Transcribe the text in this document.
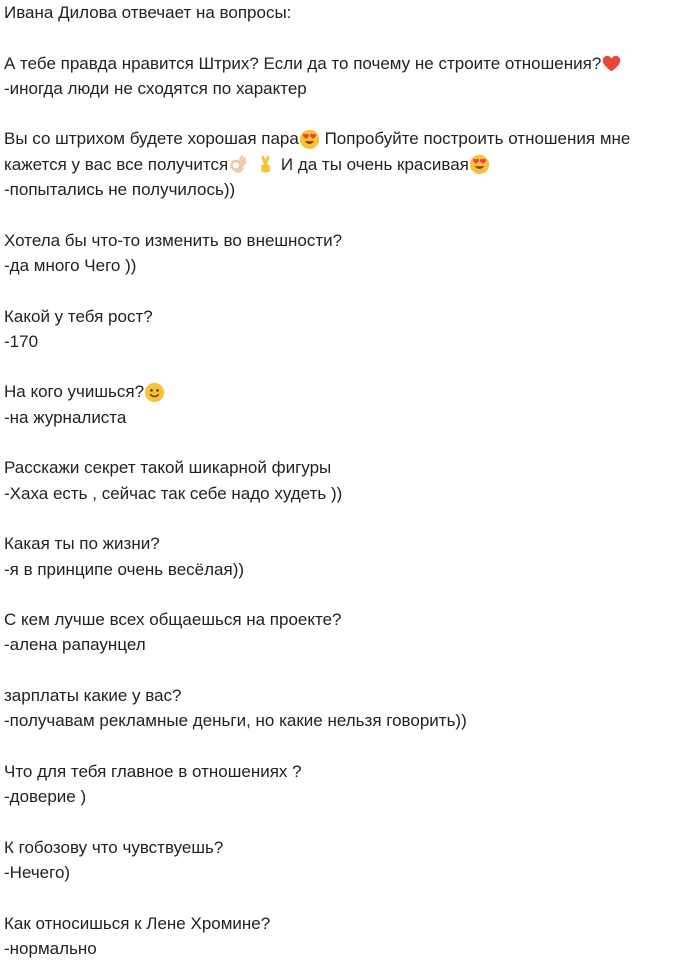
Ивана Дилова отвечает на вопросы:
А тебе правда нравится Штрих? Если да то почему не строите отношения?
-иногда люди не сходятся по характер
Вы со штрихом будете хорошая пара Попробуйте построить отношения мне
кажется у вас все получится	И да ты очень красивая
-попытались не получилось))
Хотела бы что-то изменить во внешности?
-да много Чего ))
Какой у тебя рост?
-170
На кого учишься?
-на журналиста
Расскажи секрет такой шикарной фигуры
-Хаха есть , сейчас так себе надо худеть ))
Какая ты по жизни?
-я в принципе очень весёлая))
С кем лучше всех общаешься на проекте?
-алена рапаунцел
зарплаты какие у вас?
-получавам рекламные деньги, но какие нельзя говорить))
Что для тебя главное в отношениях ?
-доверие )
К гобозову что чувствуешь?
-Нечего)
Как относишься к Лене Хромине?
-нормально
